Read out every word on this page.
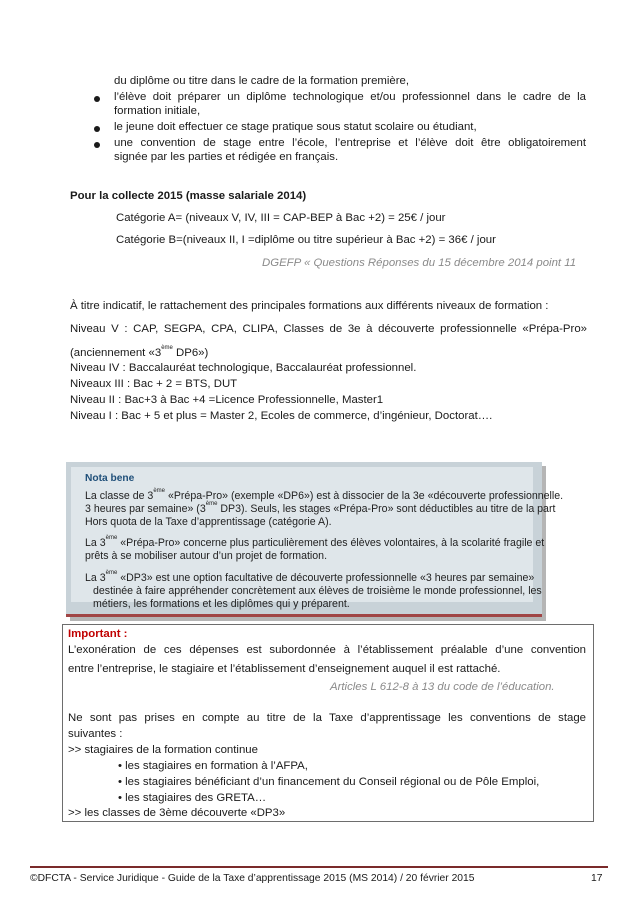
du diplôme ou titre dans le cadre de la formation première,
l’élève doit préparer un diplôme technologique et/ou professionnel dans le cadre de la
formation initiale,
le jeune doit effectuer ce stage pratique sous statut scolaire ou étudiant,
une convention de stage entre l’école, l’entreprise et l’élève doit être obligatoirement
signée par les parties et rédigée en français.
Pour la collecte 2015 (masse salariale 2014)
Catégorie A= (niveaux V, IV, III = CAP-BEP à Bac +2) = 25€ / jour
Catégorie B=(niveaux II, I =diplôme ou titre supérieur à Bac +2) = 36€ / jour
DGEFP « Questions Réponses du 15 décembre 2014 point 11
À titre indicatif, le rattachement des principales formations aux différents niveaux de formation :
Niveau V : CAP, SEGPA, CPA, CLIPA, Classes de 3e à découverte professionnelle «Prépa-Pro»
(anciennement «3ème DP6»)
Niveau IV : Baccalauréat technologique, Baccalauréat professionnel.
Niveaux III : Bac + 2 = BTS, DUT
Niveau II : Bac+3 à Bac +4 =Licence Professionnelle, Master1
Niveau I : Bac + 5 et plus = Master 2, Ecoles de commerce, d’ingénieur, Doctorat….
Nota bene
La classe de 3ème «Prépa-Pro» (exemple «DP6») est à dissocier de la 3e «découverte professionnelle.
3 heures par semaine» (3ème DP3). Seuls, les stages «Prépa-Pro» sont déductibles au titre de la part
Hors quota de la Taxe d’apprentissage (catégorie A).
La 3ème «Prépa-Pro» concerne plus particulièrement des élèves volontaires, à la scolarité fragile et
prêts à se mobiliser autour d’un projet de formation.
La 3ème «DP3» est une option facultative de découverte professionnelle «3 heures par semaine»
destinée à faire appréhender concrètement aux élèves de troisième le monde professionnel, les
métiers, les formations et les diplômes qui y préparent.
Important :
L’exonération de ces dépenses est subordonnée à l’établissement préalable d’une convention
entre l’entreprise, le stagiaire et l’établissement d’enseignement auquel il est rattaché.
Articles L 612-8 à 13 du code de l’éducation.
Ne sont pas prises en compte au titre de la Taxe d’apprentissage les conventions de stage
suivantes :
>> stagiaires de la formation continue
• les stagiaires en formation à l’AFPA,
• les stagiaires bénéficiant d’un financement du Conseil régional ou de Pôle Emploi,
• les stagiaires des GRETA…
>> les classes de 3ème découverte «DP3»
©DFCTA - Service Juridique - Guide de la Taxe d’apprentissage 2015 (MS 2014) / 20 février 2015	17
